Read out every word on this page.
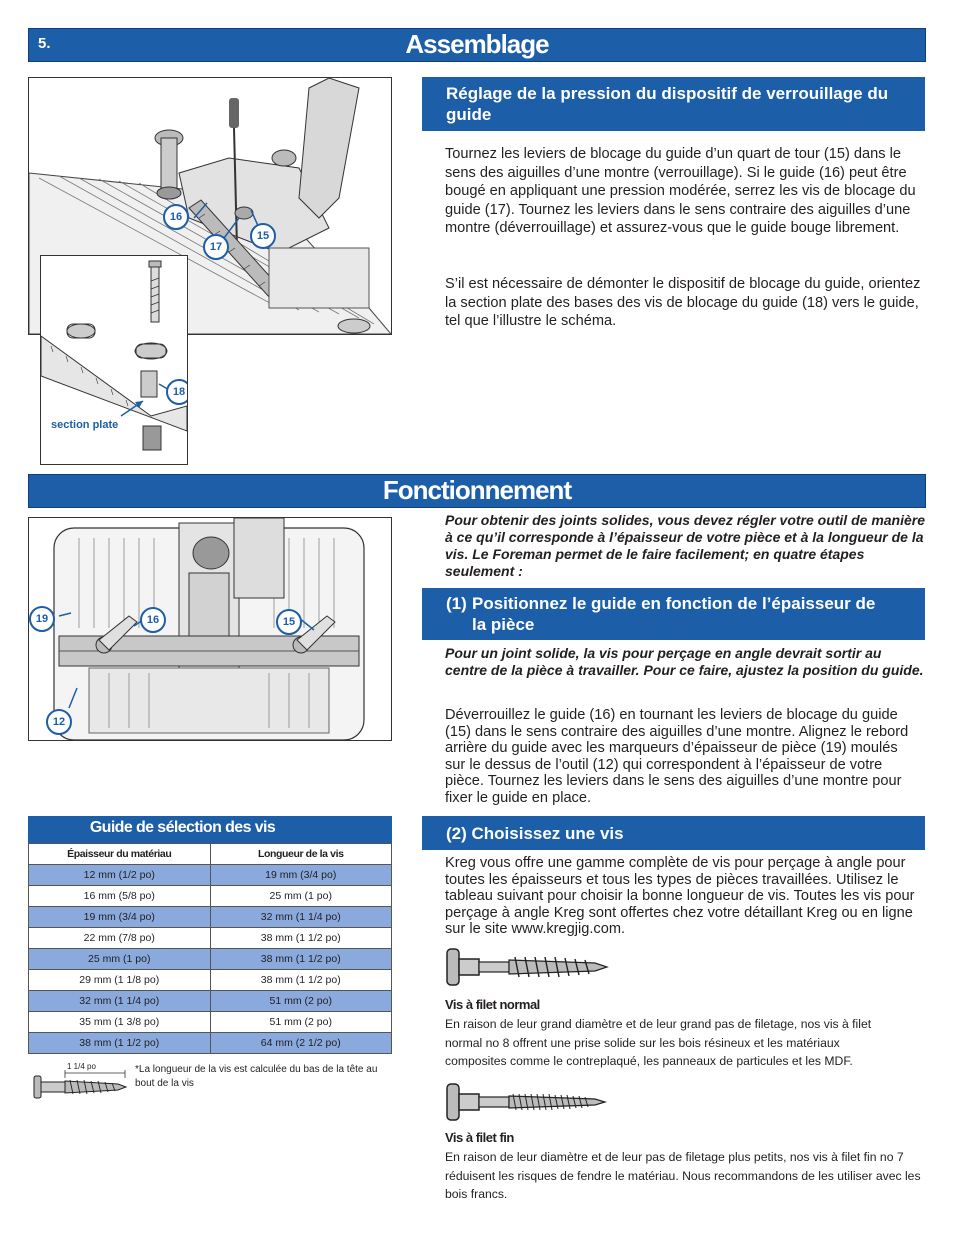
5.	Assemblage
16
17
15
18
section plate
Réglage de la pression du dispositif de verrouillage du guide

Tournez les leviers de blocage du guide d’un quart de tour (15) dans le sens des aiguilles d’une montre (verrouillage). Si le guide (16) peut être bougé en appliquant une pression modérée, serrez les vis de blocage du guide (17). Tournez les leviers dans le sens contraire des aiguilles d’une montre (déverrouillage) et assurez-vous que le guide bouge librement.

S’il est nécessaire de démonter le dispositif de blocage du guide, orientez la section plate des bases des vis de blocage du guide (18) vers le guide, tel que l’illustre le schéma.

Fonctionnement
19	16	15
12

Pour obtenir des joints solides, vous devez régler votre outil de manière à ce qu’il corresponde à l’épaisseur de votre pièce et à la longueur de la vis. Le Foreman permet de le faire facilement; en quatre étapes seulement :

(1) Positionnez le guide en fonction de l’épaisseur de la pièce

Pour un joint solide, la vis pour perçage en angle devrait sortir au centre de la pièce à travailler. Pour ce faire, ajustez la position du guide.

Déverrouillez le guide (16) en tournant les leviers de blocage du guide (15) dans le sens contraire des aiguilles d’une montre. Alignez le rebord arrière du guide avec les marqueurs d’épaisseur de pièce (19) moulés sur le dessus de l’outil (12) qui correspondent à l’épaisseur de votre pièce. Tournez les leviers dans le sens des aiguilles d’une montre pour fixer le guide en place.

(2) Choisissez une vis

Kreg vous offre une gamme complète de vis pour perçage à angle pour toutes les épaisseurs et tous les types de pièces travaillées. Utilisez le tableau suivant pour choisir la bonne longueur de vis. Toutes les vis pour perçage à angle Kreg sont offertes chez votre détaillant Kreg ou en ligne sur le site www.kregjig.com.

Vis à filet normal

En raison de leur grand diamètre et de leur grand pas de filetage, nos vis à filet normal no 8 offrent une prise solide sur les bois résineux et les matériaux composites comme le contreplaqué, les panneaux de particules et les MDF.

Vis à filet fin

En raison de leur diamètre et de leur pas de filetage plus petits, nos vis à filet fin no 7 réduisent les risques de fendre le matériau. Nous recommandons de les utiliser avec les bois francs.

Guide de sélection des vis
Épaisseur du matériau	Longueur de la vis
12 mm (1/2 po)	19 mm (3/4 po)
16 mm (5/8 po)	25 mm (1 po)
19 mm (3/4 po)	32 mm (1 1/4 po)
22 mm (7/8 po)	38 mm (1 1/2 po)
25 mm (1 po)	38 mm (1 1/2 po)
29 mm (1 1/8 po)	38 mm (1 1/2 po)
32 mm (1 1/4 po)	51 mm (2 po)
35 mm (1 3/8 po)	51 mm (2 po)
38 mm (1 1/2 po)	64 mm (2 1/2 po)
1 1/4 po	*La longueur de la vis est calculée du bas de la tête au bout de la vis
